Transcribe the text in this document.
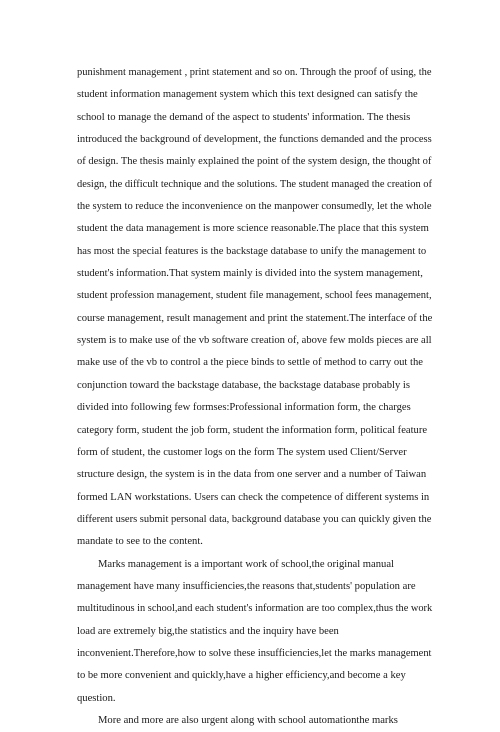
punishment management , print statement and so on. Through the proof of using, the
student information management system which this text designed can satisfy the
school to manage the demand of the aspect to students' information. The thesis
introduced the background of development, the functions demanded and the process
of design. The thesis mainly explained the point of the system design, the thought of
design, the difficult technique and the solutions. The student managed the creation of
the system to reduce the inconvenience on the manpower consumedly, let the whole
student the data management is more science reasonable.The place that this system
has most the special features is the backstage database to unify the management to
student's information.That system mainly is divided into the system management,
student profession management, student file management, school fees management,
course management, result management and print the statement.The interface of the
system is to make use of the vb software creation of, above few molds pieces are all
make use of the vb to control a the piece binds to settle of method to carry out the
conjunction toward the backstage database, the backstage database probably is
divided into following few formses:Professional information form, the charges
category form, student the job form, student the information form, political feature
form of student, the customer logs on the form The system used Client/Server
structure design, the system is in the data from one server and a number of Taiwan
formed LAN workstations. Users can check the competence of different systems in
different users submit personal data, background database you can quickly given the
mandate to see to the content.
Marks management is a important work of school,the original manual
management have many insufficiencies,the reasons that,students' population are
multitudinous in school,and each student's information are too complex,thus the work
load are extremely big,the statistics and the inquiry have been
inconvenient.Therefore,how to solve these insufficiencies,let the marks management
to be more convenient and quickly,have a higher efficiency,and become a key
question.
More and more are also urgent along with school automationthe marks
